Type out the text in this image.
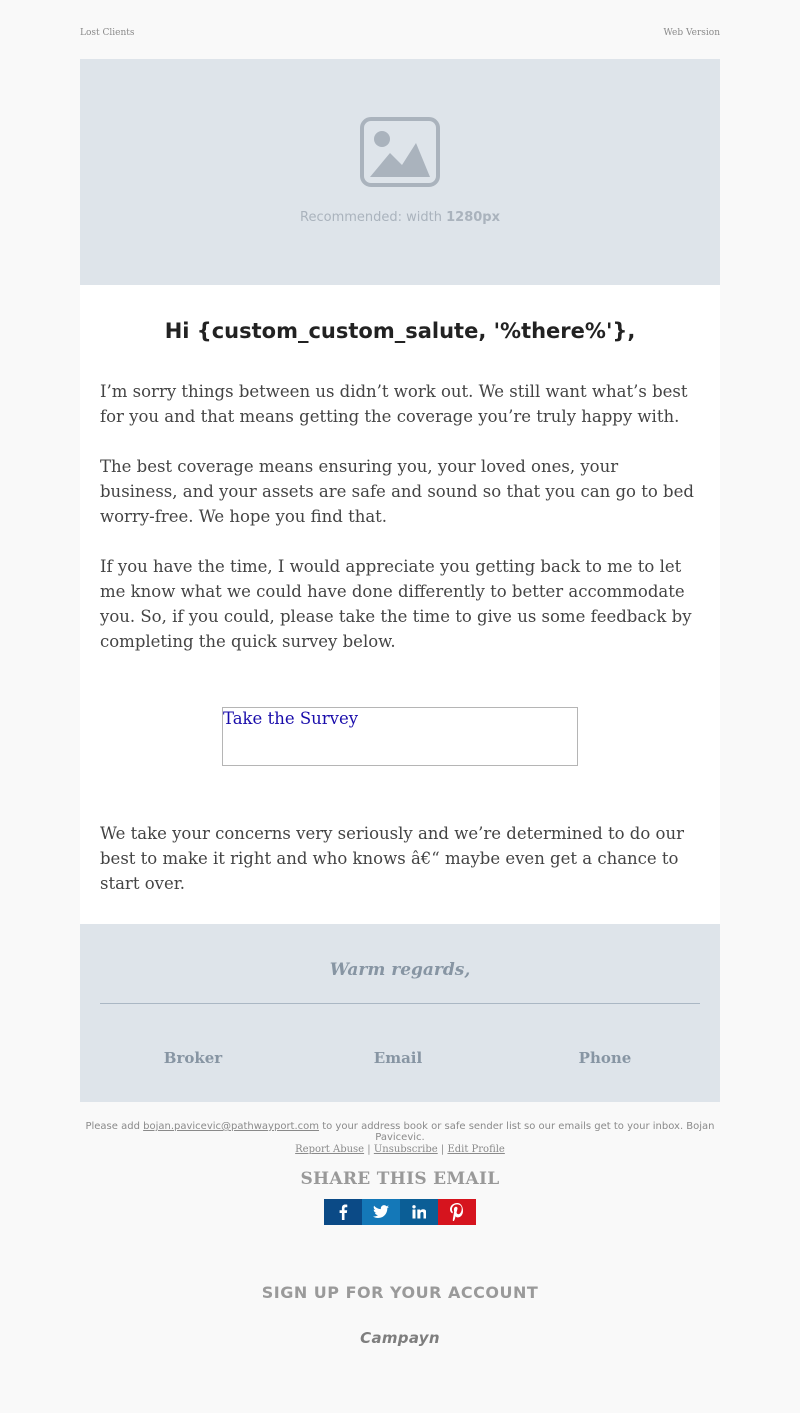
Lost Clients	Web Version
Recommended: width 1280px
Hi {custom_custom_salute, '%there%'},

I’m sorry things between us didn’t work out. We still want what’s best for you and that means getting the coverage you’re truly happy with.

The best coverage means ensuring you, your loved ones, your business, and your assets are safe and sound so that you can go to bed worry-free. We hope you find that.

If you have the time, I would appreciate you getting back to me to let me know what we could have done differently to better accommodate you. So, if you could, please take the time to give us some feedback by completing the quick survey below.

Take the Survey

We take your concerns very seriously and we’re determined to do our best to make it right and who knows â€“ maybe even get a chance to start over.

Warm regards,
Broker	Email	Phone
Please add bojan.pavicevic@pathwayport.com to your address book or safe sender list so our emails get to your inbox. Bojan Pavicevic.
Report Abuse | Unsubscribe | Edit Profile
SHARE THIS EMAIL
SIGN UP FOR YOUR ACCOUNT
Campayn
